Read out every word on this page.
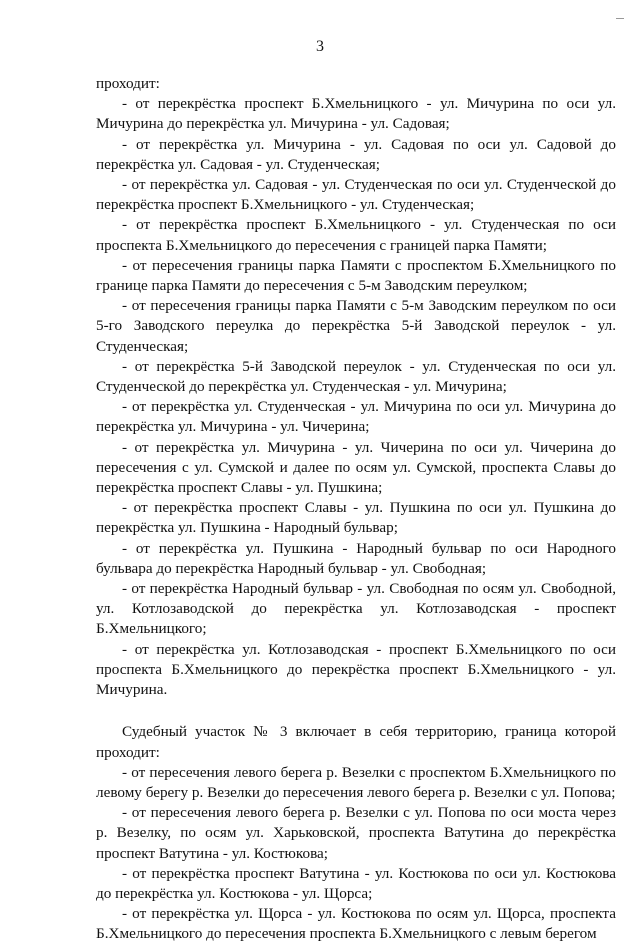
3

проходит:

- от перекрёстка проспект Б.Хмельницкого - ул. Мичурина по оси ул. Мичурина до перекрёстка ул. Мичурина - ул. Садовая;

- от перекрёстка ул. Мичурина - ул. Садовая по оси ул. Садовой до перекрёстка ул. Садовая - ул. Студенческая;

- от перекрёстка ул. Садовая - ул. Студенческая по оси ул. Студенческой до перекрёстка проспект Б.Хмельницкого - ул. Студенческая;

- от перекрёстка проспект Б.Хмельницкого - ул. Студенческая по оси проспекта Б.Хмельницкого до пересечения с границей парка Памяти;

- от пересечения границы парка Памяти с проспектом Б.Хмельницкого по границе парка Памяти до пересечения с 5-м Заводским переулком;

- от пересечения границы парка Памяти с 5-м Заводским переулком по оси 5-го Заводского переулка до перекрёстка 5-й Заводской переулок - ул. Студенческая;

- от перекрёстка 5-й Заводской переулок - ул. Студенческая по оси ул. Студенческой до перекрёстка ул. Студенческая - ул. Мичурина;

- от перекрёстка ул. Студенческая - ул. Мичурина по оси ул. Мичурина до перекрёстка ул. Мичурина - ул. Чичерина;

- от перекрёстка ул. Мичурина - ул. Чичерина по оси ул. Чичерина до пересечения с ул. Сумской и далее по осям ул. Сумской, проспекта Славы до перекрёстка проспект Славы - ул. Пушкина;

- от перекрёстка проспект Славы - ул. Пушкина по оси ул. Пушкина до перекрёстка ул. Пушкина - Народный бульвар;

- от перекрёстка ул. Пушкина - Народный бульвар по оси Народного бульвара до перекрёстка Народный бульвар - ул. Свободная;

- от перекрёстка Народный бульвар - ул. Свободная по осям ул. Свободной, ул. Котлозаводской до перекрёстка ул. Котлозаводская - проспект Б.Хмельницкого;

- от перекрёстка ул. Котлозаводская - проспект Б.Хмельницкого по оси проспекта Б.Хмельницкого до перекрёстка проспект Б.Хмельницкого - ул. Мичурина.

Судебный участок № 3 включает в себя территорию, граница которой проходит:

- от пересечения левого берега р. Везелки с проспектом Б.Хмельницкого по левому берегу р. Везелки до пересечения левого берега р. Везелки с ул. Попова;

- от пересечения левого берега р. Везелки с ул. Попова по оси моста через р. Везелку, по осям ул. Харьковской, проспекта Ватутина до перекрёстка проспект Ватутина - ул. Костюкова;

- от перекрёстка проспект Ватутина - ул. Костюкова по оси ул. Костюкова до перекрёстка ул. Костюкова - ул. Щорса;

- от перекрёстка ул. Щорса - ул. Костюкова по осям ул. Щорса, проспекта Б.Хмельницкого до пересечения проспекта Б.Хмельницкого с левым берегом
